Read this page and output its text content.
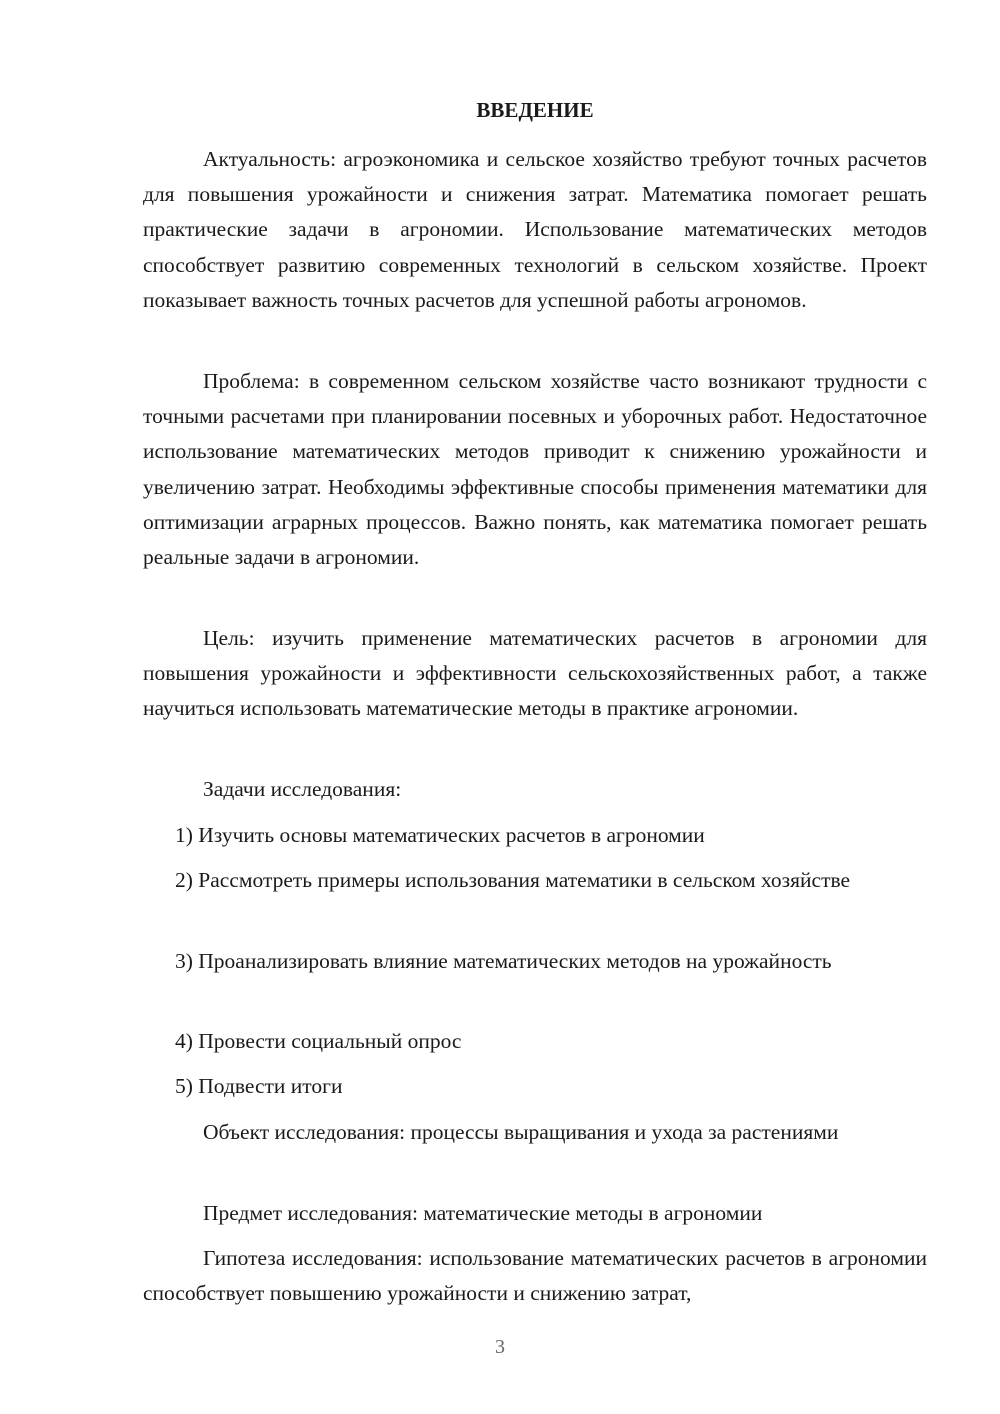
ВВЕДЕНИЕ

Актуальность: агроэкономика и сельское хозяйство требуют точных расчетов для повышения урожайности и снижения затрат. Математика помогает решать практические задачи в агрономии. Использование математических методов способствует развитию современных технологий в сельском хозяйстве. Проект показывает важность точных расчетов для успешной работы агрономов.

Проблема: в современном сельском хозяйстве часто возникают трудности с точными расчетами при планировании посевных и уборочных работ. Недостаточное использование математических методов приводит к снижению урожайности и увеличению затрат. Необходимы эффективные способы применения математики для оптимизации аграрных процессов. Важно понять, как математика помогает решать реальные задачи в агрономии.

Цель: изучить применение математических расчетов в агрономии для повышения урожайности и эффективности сельскохозяйственных работ, а также научиться использовать математические методы в практике агрономии.

Задачи исследования:

1) Изучить основы математических расчетов в агрономии

2) Рассмотреть примеры использования математики в сельском хозяйстве

3) Проанализировать влияние математических методов на урожайность

4) Провести социальный опрос

5) Подвести итоги

Объект исследования: процессы выращивания и ухода за растениями

Предмет исследования: математические методы в агрономии

Гипотеза исследования: использование математических расчетов в агрономии способствует повышению урожайности и снижению затрат,

3
